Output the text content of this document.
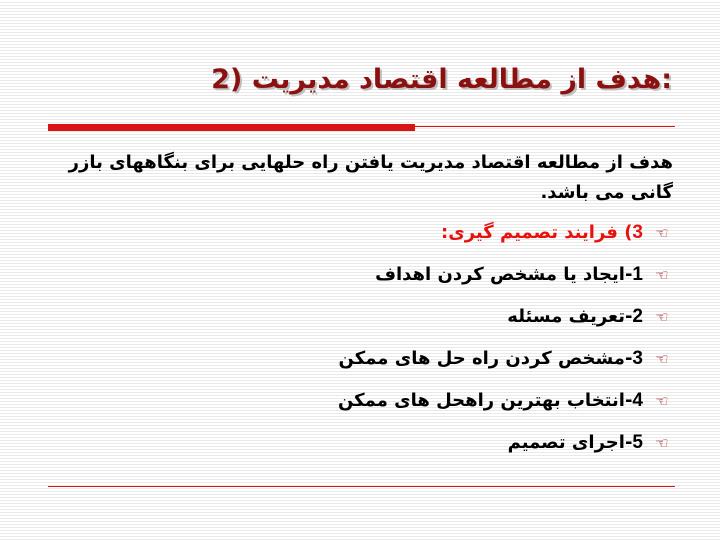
:هدف از مطالعه اقتصاد مدیریت (2

هدف از مطالعه اقتصاد مدیریت یافتن راه حلهایی برای بنگاههای بازر گانی می باشد.

☜
3
) فرایند تصمیم گیری:
☜
1
-ایجاد یا مشخص کردن اهداف
☜
2
-تعریف مسئله
☜
3
-مشخص کردن راه حل های ممکن
☜
4
-انتخاب بهترین راهحل های ممکن
☜
5
-اجرای تصمیم
